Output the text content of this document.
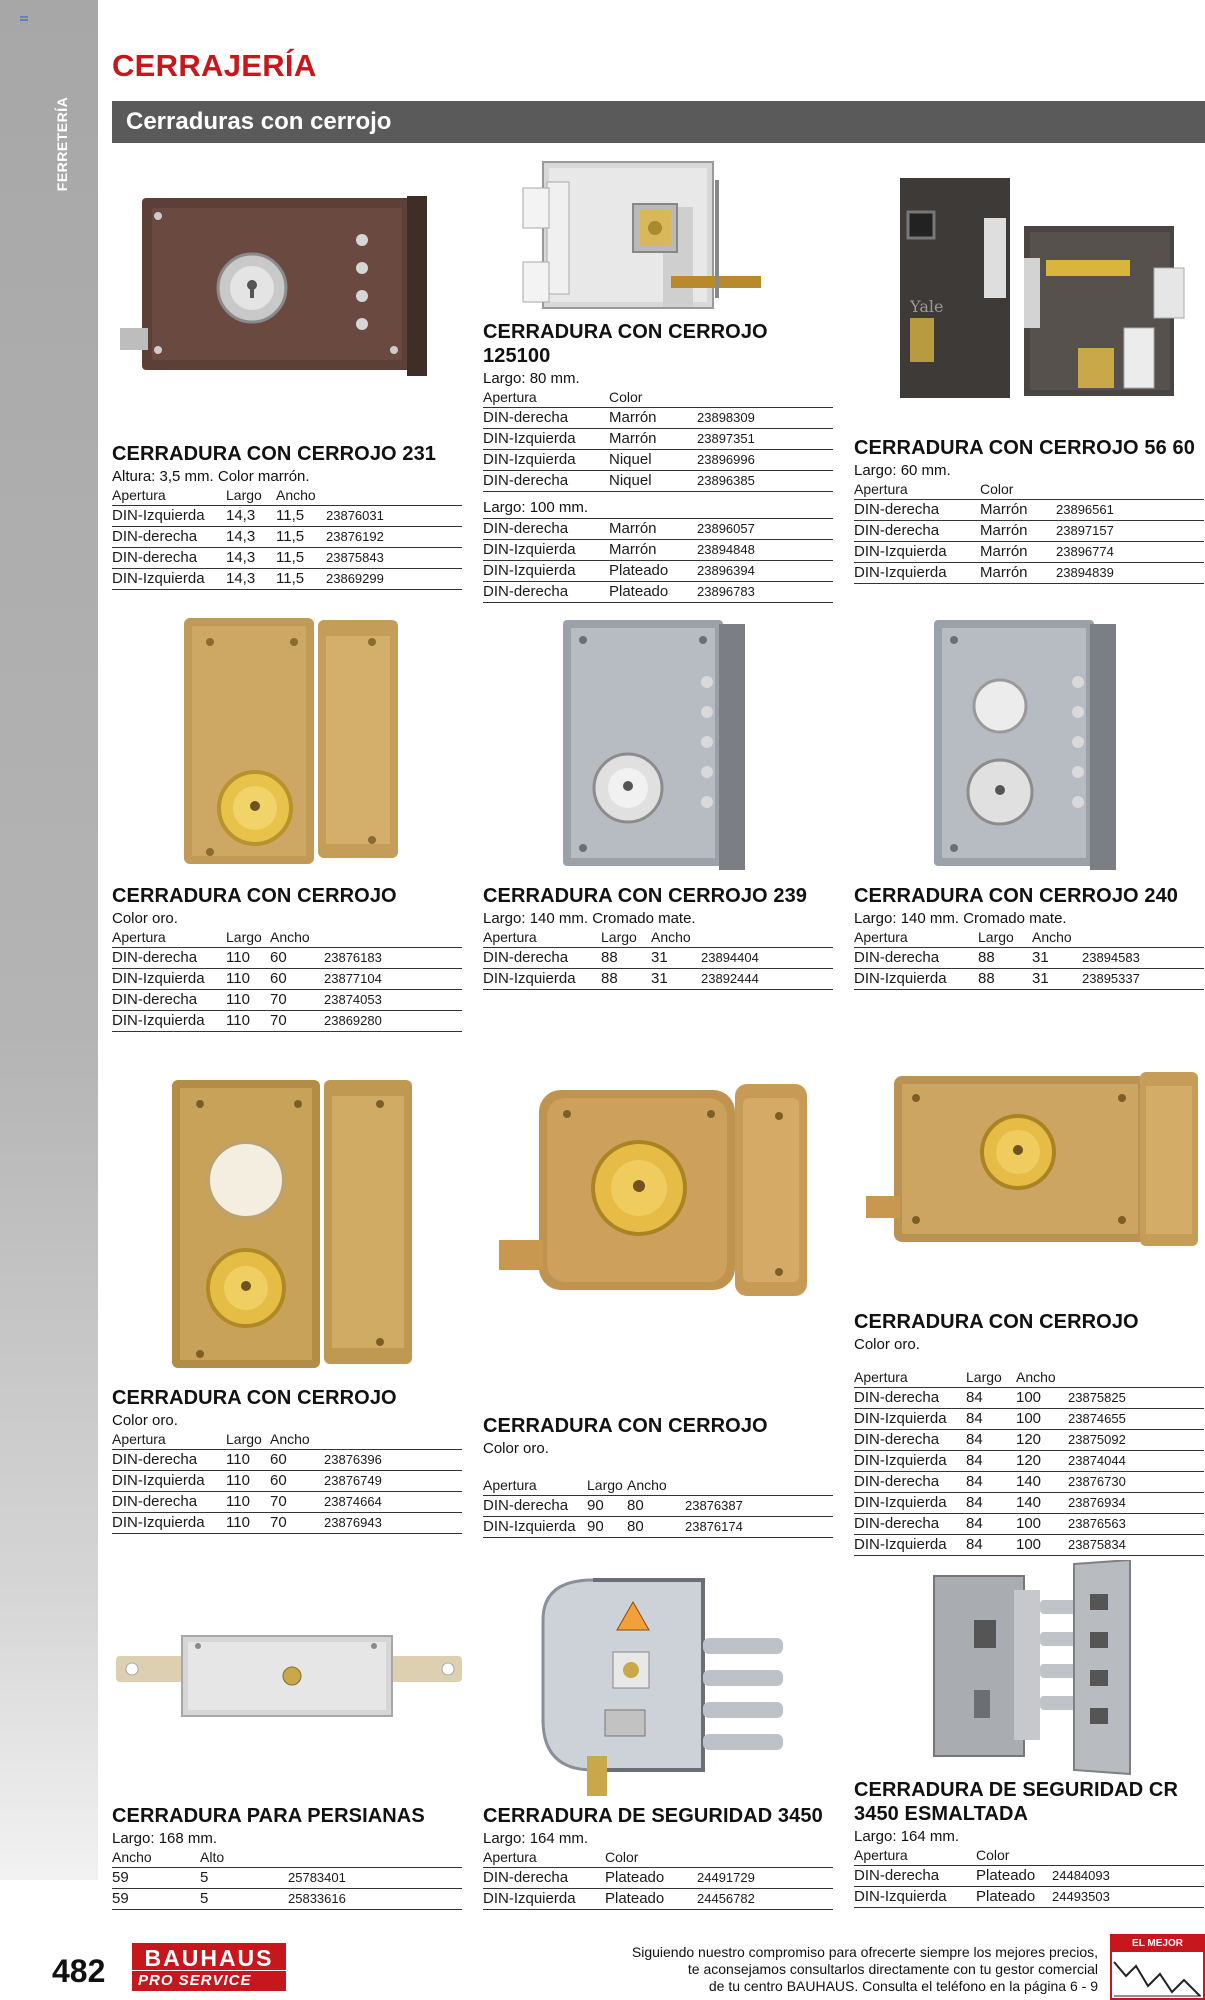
FERRETERÍA
CERRAJERÍA
Cerraduras con cerrojo
CERRADURA CON CERROJO 231
Altura: 3,5 mm. Color marrón.
Apertura	Largo	Ancho	
DIN-Izquierda	14,3	11,5	23876031
DIN-derecha	14,3	11,5	23876192
DIN-derecha	14,3	11,5	23875843
DIN-Izquierda	14,3	11,5	23869299
CERRADURA CON CERROJO 125100
Largo: 80 mm.
Apertura	Color	
DIN-derecha	Marrón	23898309
DIN-Izquierda	Marrón	23897351
DIN-Izquierda	Niquel	23896996
DIN-derecha	Niquel	23896385
Largo: 100 mm.
DIN-derecha	Marrón	23896057
DIN-Izquierda	Marrón	23894848
DIN-Izquierda	Plateado	23896394
DIN-derecha	Plateado	23896783
Yale
CERRADURA CON CERROJO 56 60
Largo: 60 mm.
Apertura	Color	
DIN-derecha	Marrón	23896561
DIN-derecha	Marrón	23897157
DIN-Izquierda	Marrón	23896774
DIN-Izquierda	Marrón	23894839
CERRADURA CON CERROJO
Color oro.
Apertura	Largo	Ancho	
DIN-derecha	110	60	23876183
DIN-Izquierda	110	60	23877104
DIN-derecha	110	70	23874053
DIN-Izquierda	110	70	23869280
CERRADURA CON CERROJO 239
Largo: 140 mm. Cromado mate.
Apertura	Largo	Ancho	
DIN-derecha	88	31	23894404
DIN-Izquierda	88	31	23892444
CERRADURA CON CERROJO 240
Largo: 140 mm. Cromado mate.
Apertura	Largo	Ancho	
DIN-derecha	88	31	23894583
DIN-Izquierda	88	31	23895337
CERRADURA CON CERROJO
Color oro.
Apertura	Largo	Ancho	
DIN-derecha	110	60	23876396
DIN-Izquierda	110	60	23876749
DIN-derecha	110	70	23874664
DIN-Izquierda	110	70	23876943
CERRADURA CON CERROJO
Color oro.
Apertura	Largo	Ancho	
DIN-derecha	90	80	23876387
DIN-Izquierda	90	80	23876174
CERRADURA CON CERROJO
Color oro.
Apertura	Largo	Ancho	
DIN-derecha	84	100	23875825
DIN-Izquierda	84	100	23874655
DIN-derecha	84	120	23875092
DIN-Izquierda	84	120	23874044
DIN-derecha	84	140	23876730
DIN-Izquierda	84	140	23876934
DIN-derecha	84	100	23876563
DIN-Izquierda	84	100	23875834
CERRADURA PARA PERSIANAS
Largo: 168 mm.
Ancho	Alto	
59	5	25783401
59	5	25833616
CERRADURA DE SEGURIDAD 3450
Largo: 164 mm.
Apertura	Color	
DIN-derecha	Plateado	24491729
DIN-Izquierda	Plateado	24456782
CERRADURA DE SEGURIDAD CR 3450 ESMALTADA
Largo: 164 mm.
Apertura	Color	
DIN-derecha	Plateado	24484093
DIN-Izquierda	Plateado	24493503
482	BAUHAUS
PRO SERVICE
Siguiendo nuestro compromiso para ofrecerte siempre los mejores precios,
te aconsejamos consultarlos directamente con tu gestor comercial
de tu centro BAUHAUS. Consulta el teléfono en la página 6 - 9
EL MEJOR PRECIO
